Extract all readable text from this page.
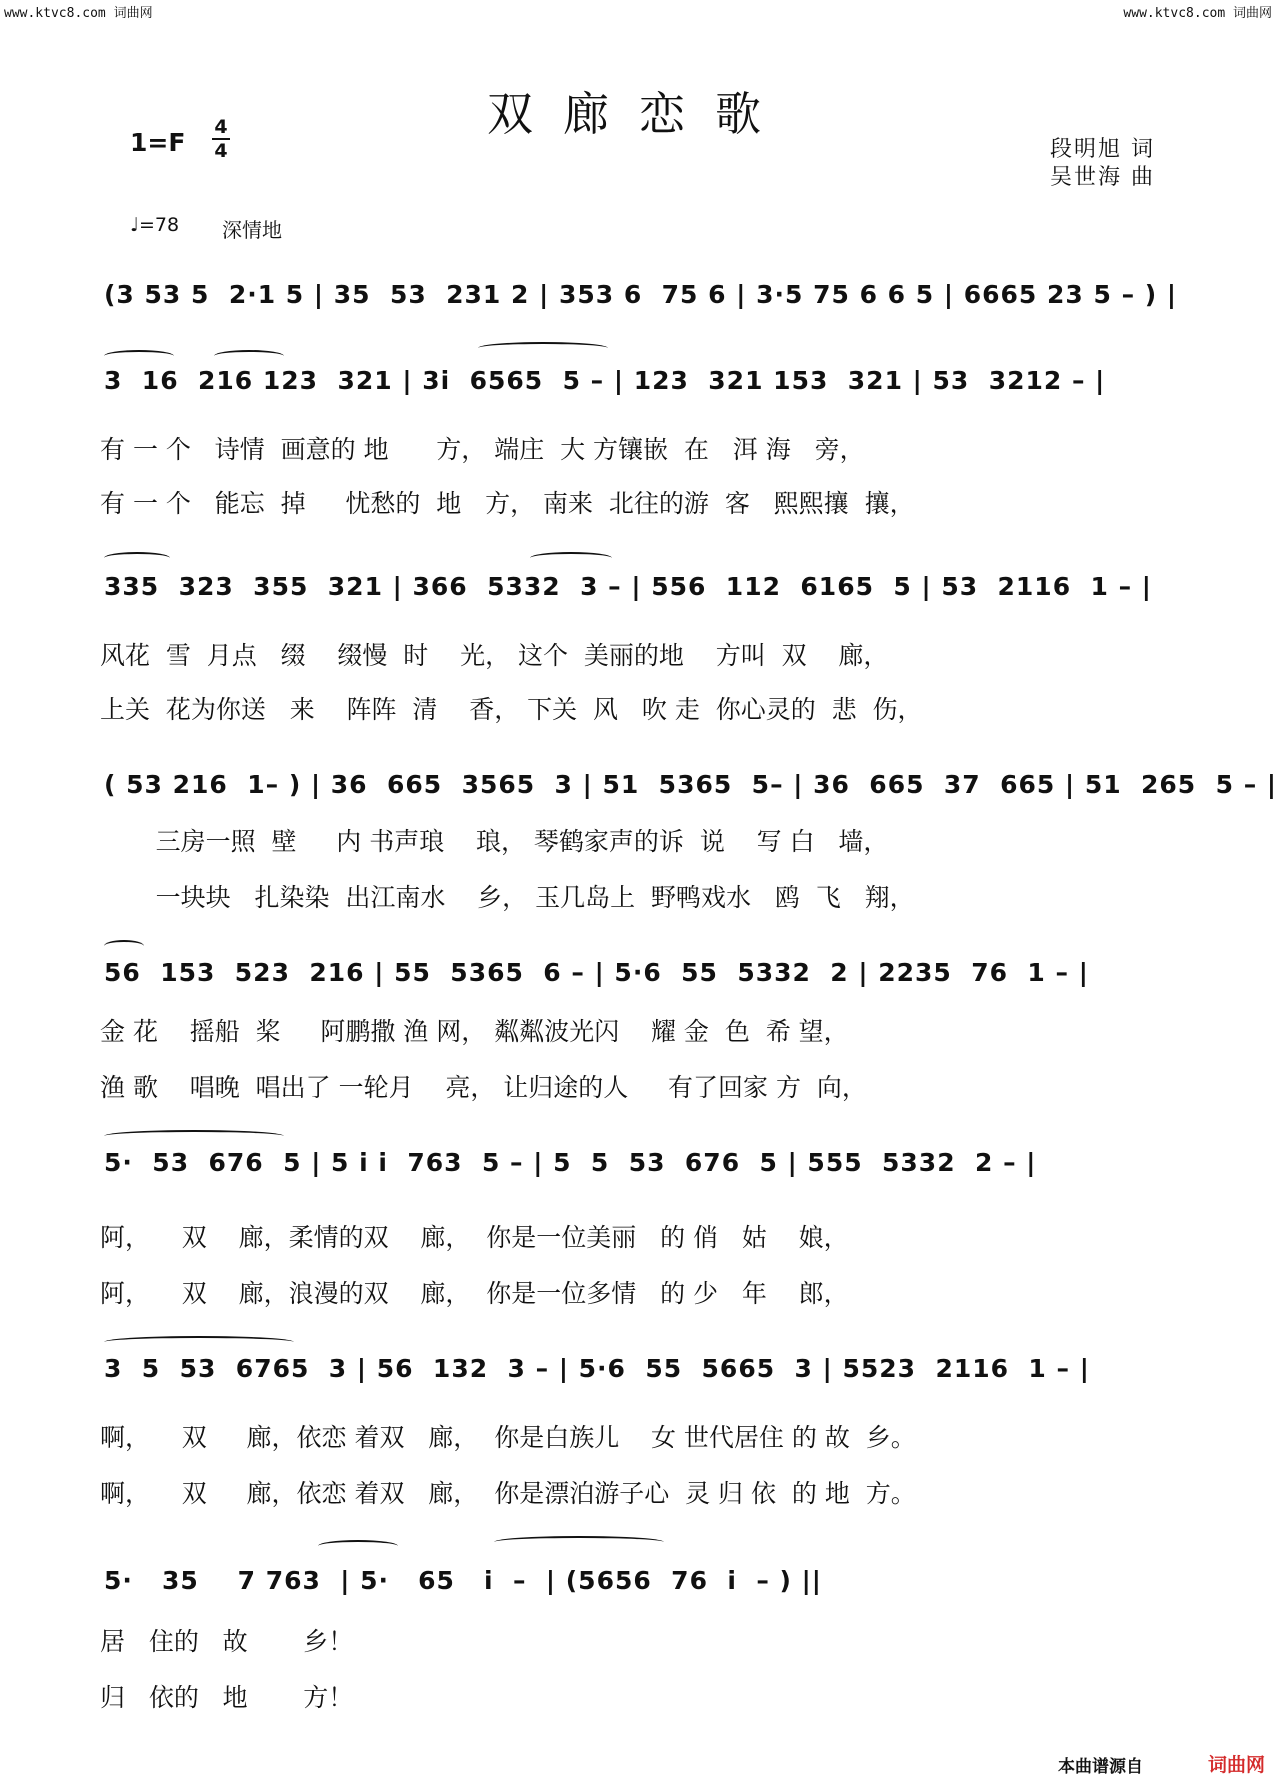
www.ktvc8.com 词曲网	www.ktvc8.com 词曲网
双廊恋歌
1=F
4
4	段明旭 词
吴世海 曲
♩=78 深情地
(3 53 5  2·1 5 | 35  53  231 2 | 353 6  75 6 | 3·5 75 6 6 5 | 6665 23 5 – ) |
3  16  216 123  321 | 3i  6565  5 – | 123  321 153  321 | 53  3212 – |
有 一 个   诗情  画意的 地      方， 端庄  大 方镶嵌  在   洱 海   旁，
有 一 个   能忘  掉     忧愁的  地   方， 南来  北往的游  客   熙熙攘  攘，
335  323  355  321 | 366  5332  3 – | 556  112  6165  5 | 53  2116  1 – |
风花  雪  月点   缀    缀慢  时    光， 这个  美丽的地    方叫  双    廊，
上关  花为你送   来    阵阵  清    香， 下关  风   吹 走  你心灵的  悲  伤，
( 53 216  1– ) | 36  665  3565  3 | 51  5365  5– | 36  665  37  665 | 51  265  5 – |
三房一照  壁     内 书声琅    琅， 琴鹤家声的诉  说    写 白   墙，
一块块   扎染染  出江南水    乡， 玉几岛上  野鸭戏水   鸥  飞   翔，
56  153  523  216 | 55  5365  6 – | 5·6  55  5332  2 | 2235  76  1 – |
金 花    摇船  桨     阿鹏撒 渔 网， 粼粼波光闪    耀 金  色  希 望，
渔 歌    唱晚  唱出了 一轮月    亮， 让归途的人     有了回家 方  向，
5·  53  676  5 | 5 i i  763  5 – | 5  5  53  676  5 | 555  5332  2 – |
阿，    双    廊，柔情的双    廊，  你是一位美丽   的 俏   姑    娘，
阿，    双    廊，浪漫的双    廊，  你是一位多情   的 少   年    郎，
3  5  53  6765  3 | 56  132  3 – | 5·6  55  5665  3 | 5523  2116  1 – |
啊，    双     廊，依恋 着双   廊，  你是白族儿    女 世代居住 的 故  乡。
啊，    双     廊，依恋 着双   廊，  你是漂泊游子心  灵 归 依  的 地  方。
5·   35    7 763  | 5·   65   i  –  | (5656  76  i  – ) ||
居   住的   故       乡！
归   依的   地       方！
本曲谱源自	词曲网
